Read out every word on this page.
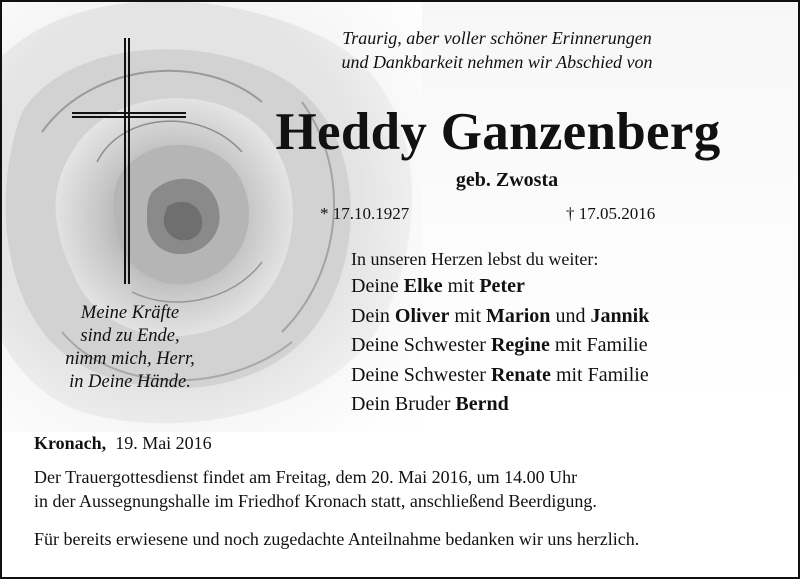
Meine Kräfte
sind zu Ende,
nimm mich, Herr,
in Deine Hände.
Traurig, aber voller schöner Erinnerungen
und Dankbarkeit nehmen wir Abschied von
Heddy Ganzenberg
geb. Zwosta
* 17.10.1927	† 17.05.2016
In unseren Herzen lebst du weiter:
Deine Elke mit Peter
Dein Oliver mit Marion und Jannik
Deine Schwester Regine mit Familie
Deine Schwester Renate mit Familie
Dein Bruder Bernd
Kronach, 19. Mai 2016
Der Trauergottesdienst findet am Freitag, dem 20. Mai 2016, um 14.00 Uhr
in der Aussegnungshalle im Friedhof Kronach statt, anschließend Beerdigung.
Für bereits erwiesene und noch zugedachte Anteilnahme bedanken wir uns herzlich.
